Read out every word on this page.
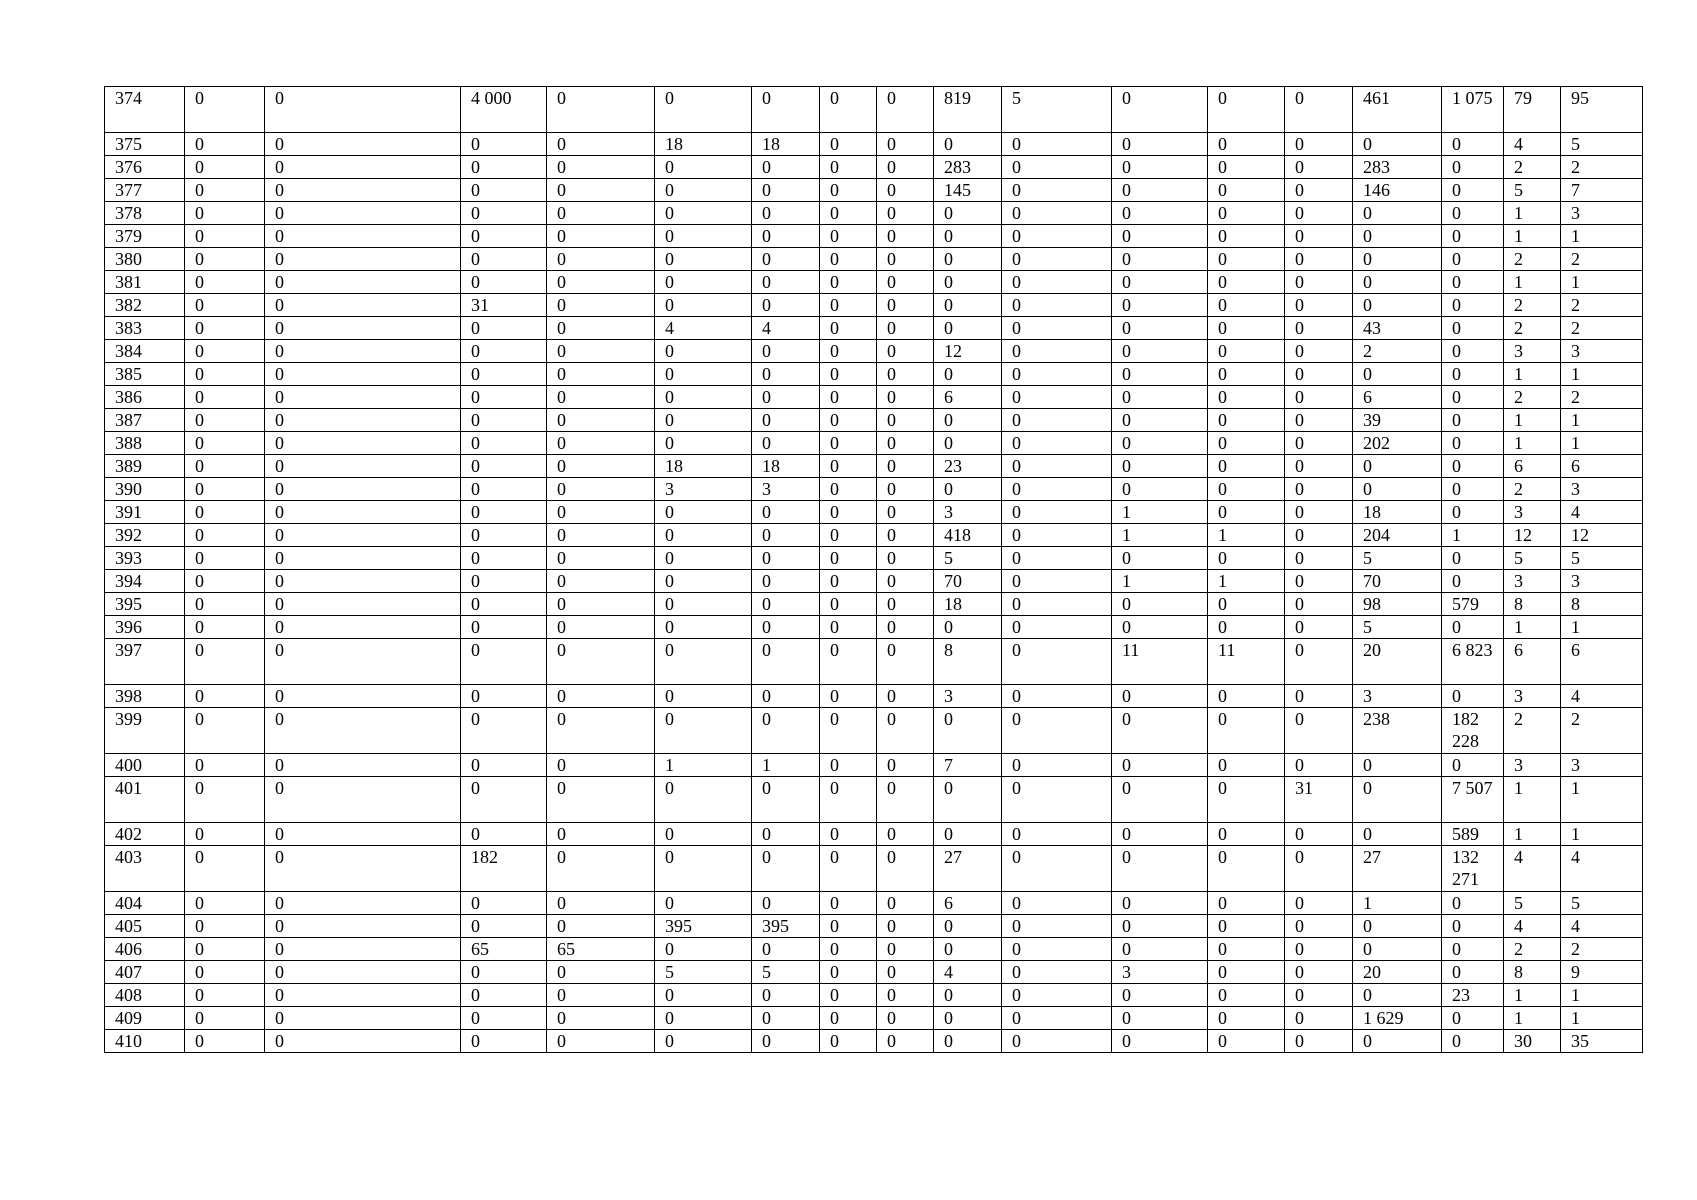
374	0	0	4 000	0	0	0	0	0	819	5	0	0	0	461	1 075	79	95
375	0	0	0	0	18	18	0	0	0	0	0	0	0	0	0	4	5
376	0	0	0	0	0	0	0	0	283	0	0	0	0	283	0	2	2
377	0	0	0	0	0	0	0	0	145	0	0	0	0	146	0	5	7
378	0	0	0	0	0	0	0	0	0	0	0	0	0	0	0	1	3
379	0	0	0	0	0	0	0	0	0	0	0	0	0	0	0	1	1
380	0	0	0	0	0	0	0	0	0	0	0	0	0	0	0	2	2
381	0	0	0	0	0	0	0	0	0	0	0	0	0	0	0	1	1
382	0	0	31	0	0	0	0	0	0	0	0	0	0	0	0	2	2
383	0	0	0	0	4	4	0	0	0	0	0	0	0	43	0	2	2
384	0	0	0	0	0	0	0	0	12	0	0	0	0	2	0	3	3
385	0	0	0	0	0	0	0	0	0	0	0	0	0	0	0	1	1
386	0	0	0	0	0	0	0	0	6	0	0	0	0	6	0	2	2
387	0	0	0	0	0	0	0	0	0	0	0	0	0	39	0	1	1
388	0	0	0	0	0	0	0	0	0	0	0	0	0	202	0	1	1
389	0	0	0	0	18	18	0	0	23	0	0	0	0	0	0	6	6
390	0	0	0	0	3	3	0	0	0	0	0	0	0	0	0	2	3
391	0	0	0	0	0	0	0	0	3	0	1	0	0	18	0	3	4
392	0	0	0	0	0	0	0	0	418	0	1	1	0	204	1	12	12
393	0	0	0	0	0	0	0	0	5	0	0	0	0	5	0	5	5
394	0	0	0	0	0	0	0	0	70	0	1	1	0	70	0	3	3
395	0	0	0	0	0	0	0	0	18	0	0	0	0	98	579	8	8
396	0	0	0	0	0	0	0	0	0	0	0	0	0	5	0	1	1
397	0	0	0	0	0	0	0	0	8	0	11	11	0	20	6 823	6	6
398	0	0	0	0	0	0	0	0	3	0	0	0	0	3	0	3	4
399	0	0	0	0	0	0	0	0	0	0	0	0	0	238	182 228	2	2
400	0	0	0	0	1	1	0	0	7	0	0	0	0	0	0	3	3
401	0	0	0	0	0	0	0	0	0	0	0	0	31	0	7 507	1	1
402	0	0	0	0	0	0	0	0	0	0	0	0	0	0	589	1	1
403	0	0	182	0	0	0	0	0	27	0	0	0	0	27	132 271	4	4
404	0	0	0	0	0	0	0	0	6	0	0	0	0	1	0	5	5
405	0	0	0	0	395	395	0	0	0	0	0	0	0	0	0	4	4
406	0	0	65	65	0	0	0	0	0	0	0	0	0	0	0	2	2
407	0	0	0	0	5	5	0	0	4	0	3	0	0	20	0	8	9
408	0	0	0	0	0	0	0	0	0	0	0	0	0	0	23	1	1
409	0	0	0	0	0	0	0	0	0	0	0	0	0	1 629	0	1	1
410	0	0	0	0	0	0	0	0	0	0	0	0	0	0	0	30	35
